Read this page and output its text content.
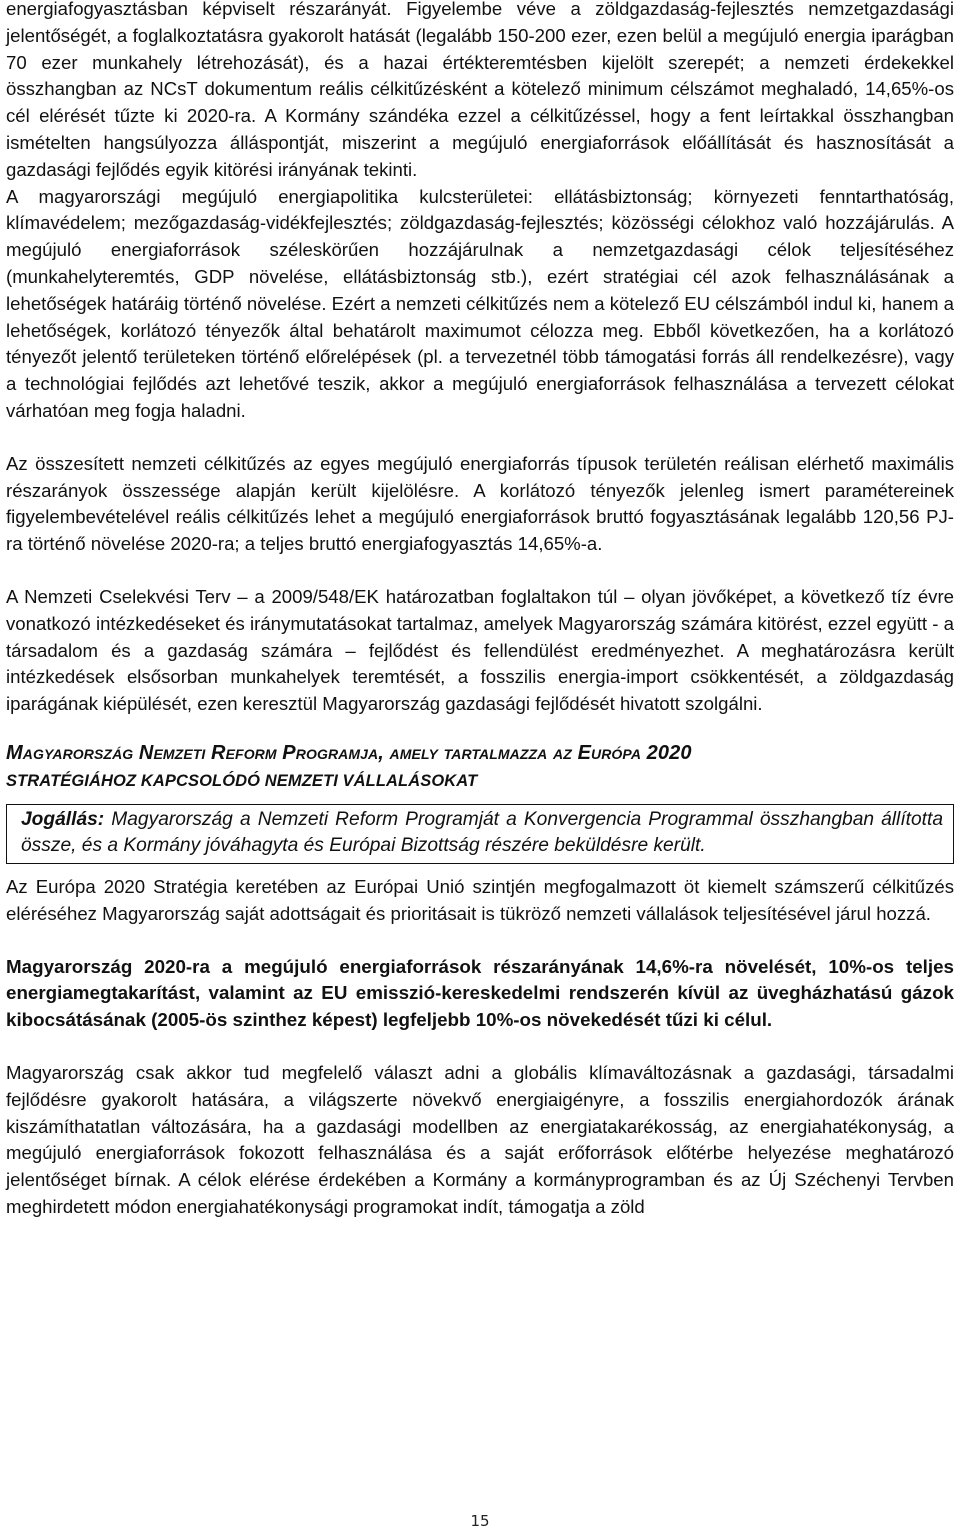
energiafogyasztásban képviselt részarányát. Figyelembe véve a zöldgazdaság-fejlesztés nemzetgazdasági jelentőségét, a foglalkoztatásra gyakorolt hatását (legalább 150-200 ezer, ezen belül a megújuló energia iparágban 70 ezer munkahely létrehozását), és a hazai értékteremtésben kijelölt szerepét; a nemzeti érdekekkel összhangban az NCsT dokumentum reális célkitűzésként a kötelező minimum célszámot meghaladó, 14,65%-os cél elérését tűzte ki 2020-ra. A Kormány szándéka ezzel a célkitűzéssel, hogy a fent leírtakkal összhangban ismételten hangsúlyozza álláspontját, miszerint a megújuló energiaforrások előállítását és hasznosítását a gazdasági fejlődés egyik kitörési irányának tekinti.

A magyarországi megújuló energiapolitika kulcsterületei: ellátásbiztonság; környezeti fenntarthatóság, klímavédelem; mezőgazdaság-vidékfejlesztés; zöldgazdaság-fejlesztés; közösségi célokhoz való hozzájárulás. A megújuló energiaforrások széleskörűen hozzájárulnak a nemzetgazdasági célok teljesítéséhez (munkahelyteremtés, GDP növelése, ellátásbiztonság stb.), ezért stratégiai cél azok felhasználásának a lehetőségek határáig történő növelése. Ezért a nemzeti célkitűzés nem a kötelező EU célszámból indul ki, hanem a lehetőségek, korlátozó tényezők által behatárolt maximumot célozza meg. Ebből következően, ha a korlátozó tényezőt jelentő területeken történő előrelépések (pl. a tervezetnél több támogatási forrás áll rendelkezésre), vagy a technológiai fejlődés azt lehetővé teszik, akkor a megújuló energiaforrások felhasználása a tervezett célokat várhatóan meg fogja haladni.

Az összesített nemzeti célkitűzés az egyes megújuló energiaforrás típusok területén reálisan elérhető maximális részarányok összessége alapján került kijelölésre. A korlátozó tényezők jelenleg ismert paramétereinek figyelembevételével reális célkitűzés lehet a megújuló energiaforrások bruttó fogyasztásának legalább 120,56 PJ-ra történő növelése 2020-ra; a teljes bruttó energiafogyasztás 14,65%-a.

A Nemzeti Cselekvési Terv – a 2009/548/EK határozatban foglaltakon túl – olyan jövőképet, a következő tíz évre vonatkozó intézkedéseket és iránymutatásokat tartalmaz, amelyek Magyarország számára kitörést, ezzel együtt - a társadalom és a gazdaság számára – fejlődést és fellendülést eredményezhet. A meghatározásra került intézkedések elsősorban munkahelyek teremtését, a fosszilis energia-import csökkentését, a zöldgazdaság iparágának kiépülését, ezen keresztül Magyarország gazdasági fejlődését hivatott szolgálni.

Magyarország Nemzeti Reform Programja, amely tartalmazza az Európa 2020
STRATÉGIÁHOZ KAPCSOLÓDÓ NEMZETI VÁLLALÁSOKAT

Jogállás: Magyarország a Nemzeti Reform Programját a Konvergencia Programmal összhangban állította össze, és a Kormány jóváhagyta és Európai Bizottság részére beküldésre került.

Az Európa 2020 Stratégia keretében az Európai Unió szintjén megfogalmazott öt kiemelt számszerű célkitűzés eléréséhez Magyarország saját adottságait és prioritásait is tükröző nemzeti vállalások teljesítésével járul hozzá.

Magyarország 2020-ra a megújuló energiaforrások részarányának 14,6%-ra növelését, 10%-os teljes energiamegtakarítást, valamint az EU emisszió-kereskedelmi rendszerén kívül az üvegházhatású gázok kibocsátásának (2005-ös szinthez képest) legfeljebb 10%-os növekedését tűzi ki célul.

Magyarország csak akkor tud megfelelő választ adni a globális klímaváltozásnak a gazdasági, társadalmi fejlődésre gyakorolt hatására, a világszerte növekvő energiaigényre, a fosszilis energiahordozók árának kiszámíthatatlan változására, ha a gazdasági modellben az energiatakarékosság, az energiahatékonyság, a megújuló energiaforrások fokozott felhasználása és a saját erőforrások előtérbe helyezése meghatározó jelentőséget bírnak. A célok elérése érdekében a Kormány a kormányprogramban és az Új Széchenyi Tervben meghirdetett módon energiahatékonysági programokat indít, támogatja a zöld

15
